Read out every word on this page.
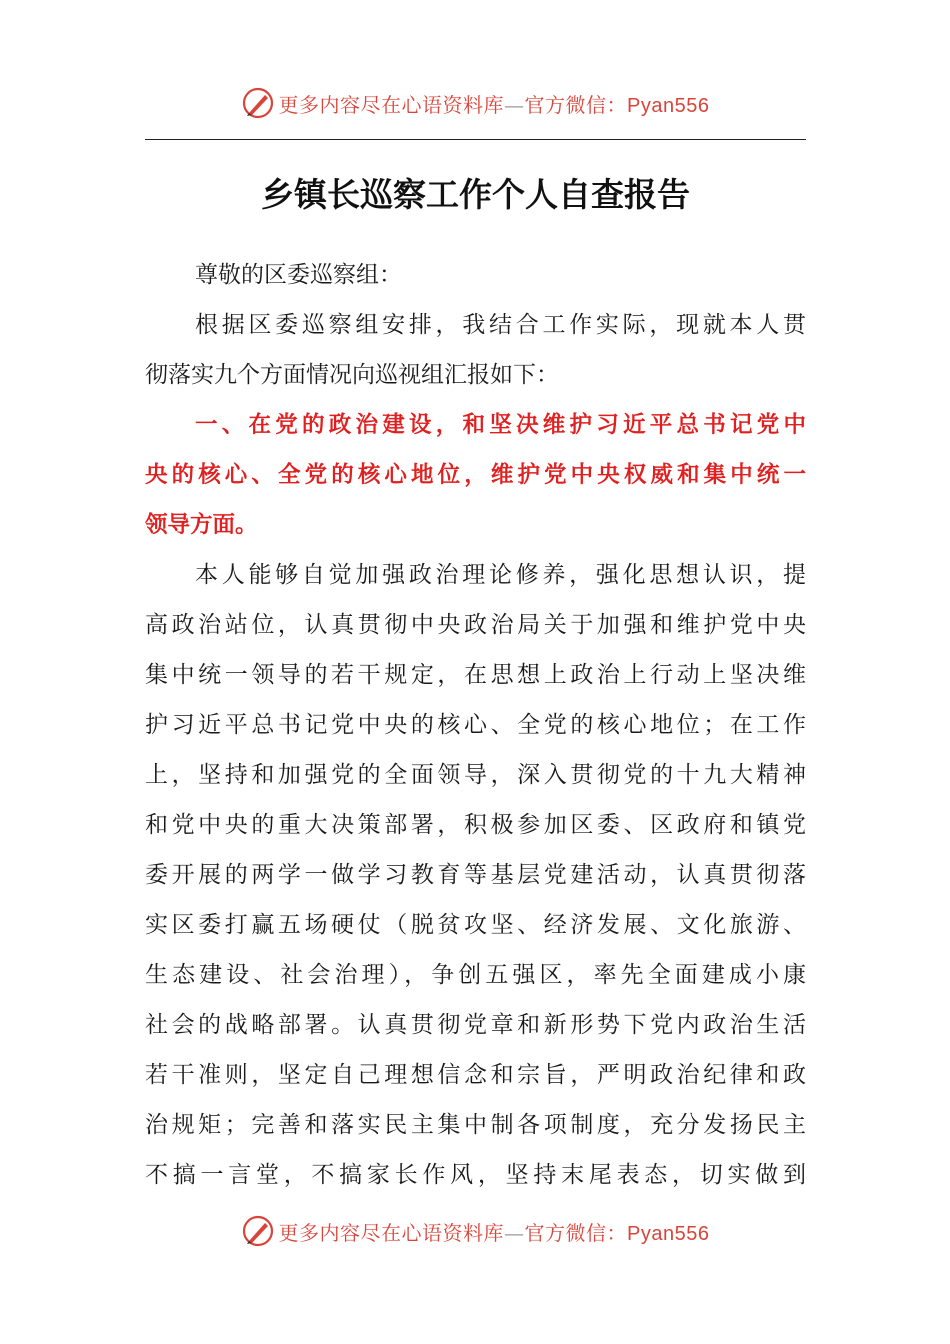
更多内容尽在心语资料库—官方微信：Pyan556
乡镇长巡察工作个人自查报告
尊敬的区委巡察组：
根据区委巡察组安排，我结合工作实际，现就本人贯
彻落实九个方面情况向巡视组汇报如下：
一、在党的政治建设，和坚决维护习近平总书记党中
央的核心、全党的核心地位，维护党中央权威和集中统一
领导方面。
本人能够自觉加强政治理论修养，强化思想认识，提
高政治站位，认真贯彻中央政治局关于加强和维护党中央
集中统一领导的若干规定，在思想上政治上行动上坚决维
护习近平总书记党中央的核心、全党的核心地位；在工作
上，坚持和加强党的全面领导，深入贯彻党的十九大精神
和党中央的重大决策部署，积极参加区委、区政府和镇党
委开展的两学一做学习教育等基层党建活动，认真贯彻落
实区委打赢五场硬仗（脱贫攻坚、经济发展、文化旅游、
生态建设、社会治理），争创五强区，率先全面建成小康
社会的战略部署。认真贯彻党章和新形势下党内政治生活
若干准则，坚定自己理想信念和宗旨，严明政治纪律和政
治规矩；完善和落实民主集中制各项制度，充分发扬民主
不搞一言堂，不搞家长作风，坚持末尾表态，切实做到
更多内容尽在心语资料库—官方微信：Pyan556
